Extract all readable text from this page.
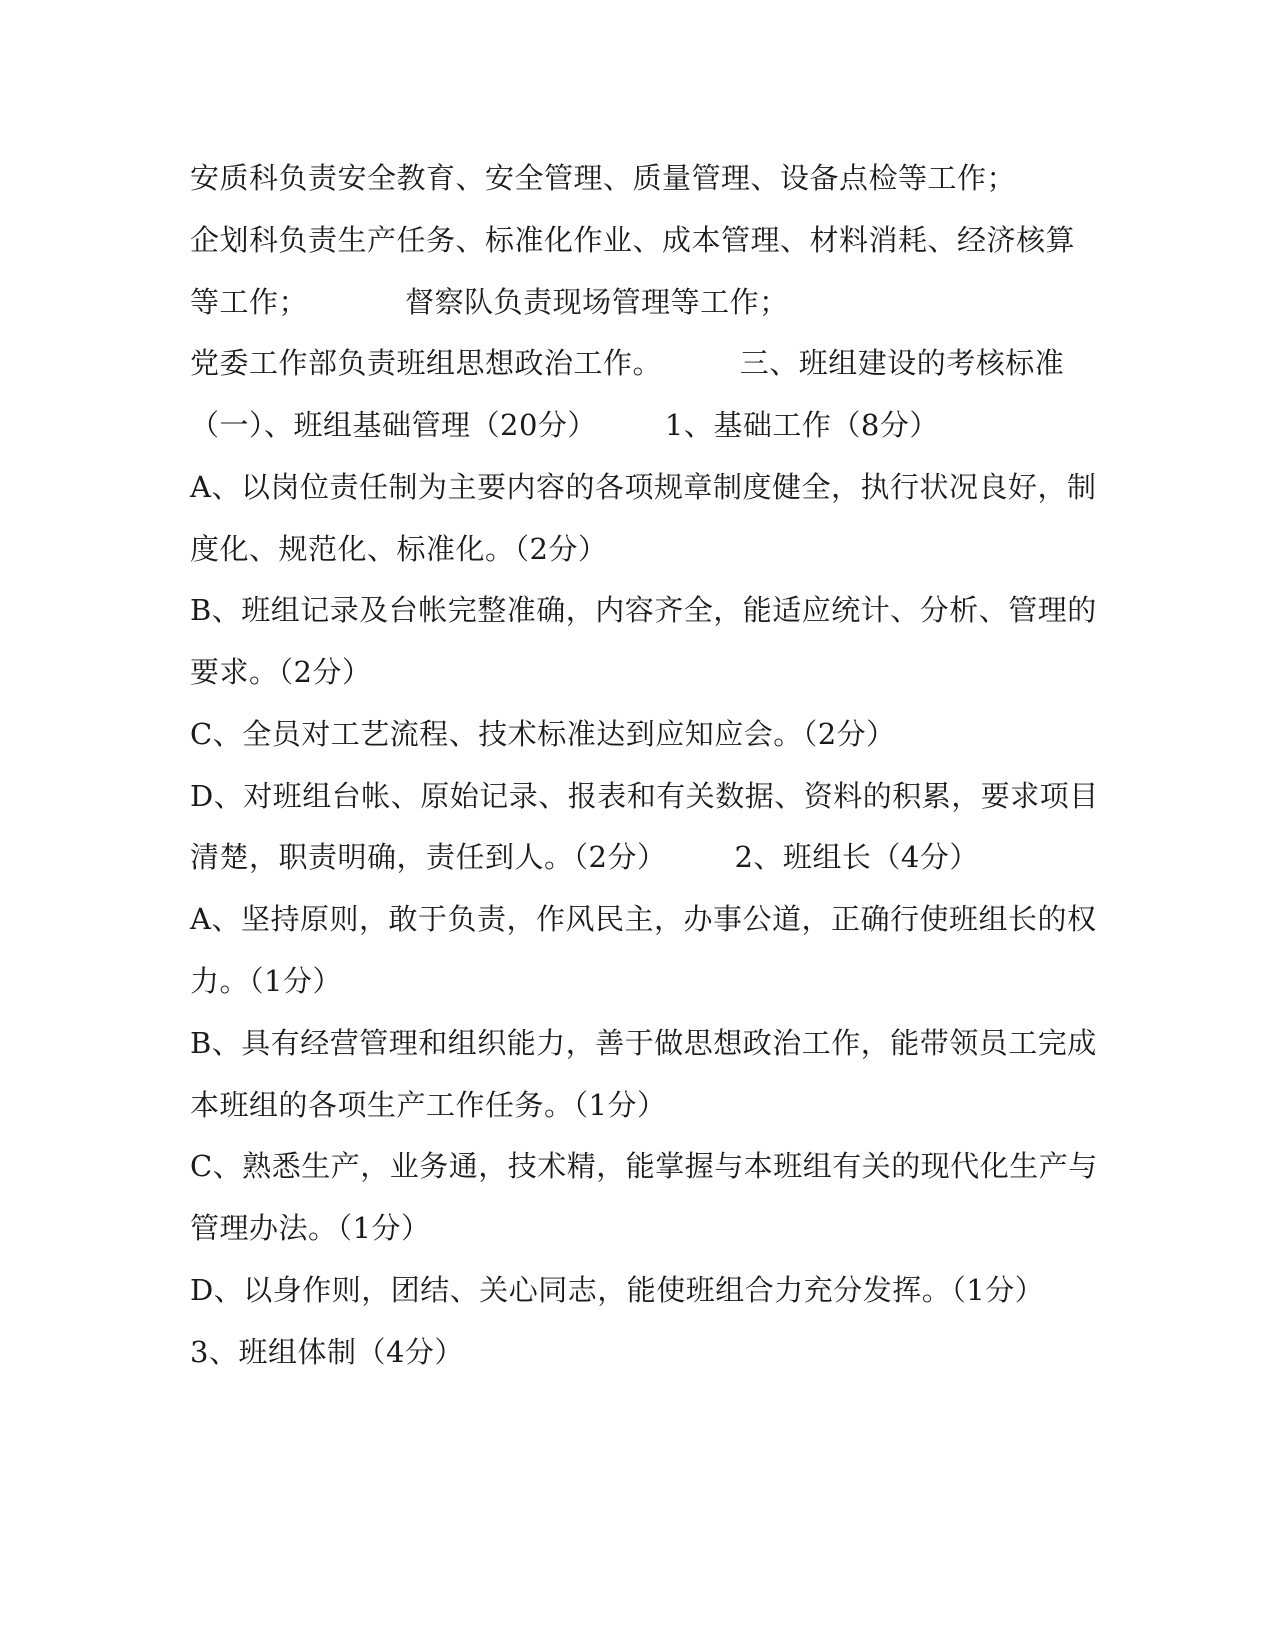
安质科负责安全教育、安全管理、质量管理、设备点检等工作；
企划科负责生产任务、标准化作业、成本管理、材料消耗、经济核算
等工作；          督察队负责现场管理等工作；
党委工作部负责班组思想政治工作。        三、班组建设的考核标准
（一）、班组基础管理（20分）       1、基础工作（8分）
A、以岗位责任制为主要内容的各项规章制度健全，执行状况良好，制
度化、规范化、标准化。（2分）
B、班组记录及台帐完整准确，内容齐全，能适应统计、分析、管理的
要求。（2分）
C、全员对工艺流程、技术标准达到应知应会。（2分）
D、对班组台帐、原始记录、报表和有关数据、资料的积累，要求项目
清楚，职责明确，责任到人。（2分）       2、班组长（4分）
A、坚持原则，敢于负责，作风民主，办事公道，正确行使班组长的权
力。（1分）
B、具有经营管理和组织能力，善于做思想政治工作，能带领员工完成
本班组的各项生产工作任务。（1分）
C、熟悉生产，业务通，技术精，能掌握与本班组有关的现代化生产与
管理办法。（1分）
D、以身作则，团结、关心同志，能使班组合力充分发挥。（1分）
3、班组体制（4分）
